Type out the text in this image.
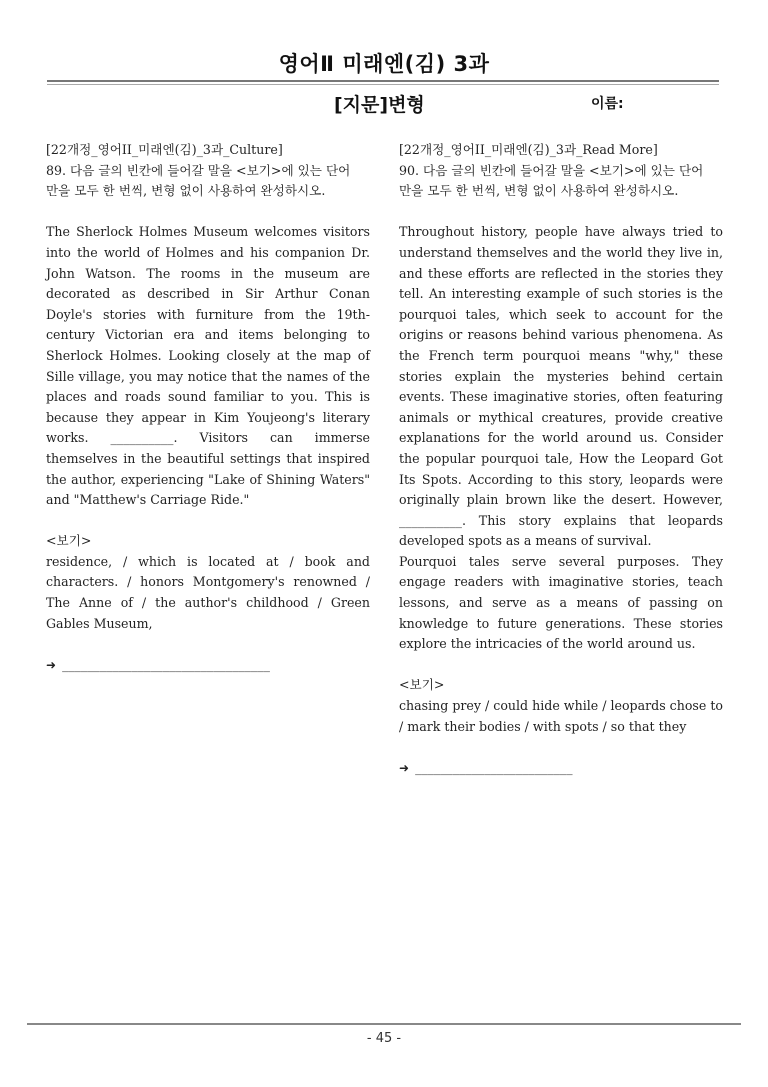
영어Ⅱ 미래엔(김) 3과
[지문]변형	이름:

[22개정_영어II_미래엔(김)_3과_Culture]

89. 다음 글의 빈칸에 들어갈 말을 <보기>에 있는 단어

만을 모두 한 번씩, 변형 없이 사용하여 완성하시오.

The Sherlock Holmes Museum welcomes visitors into the world of Holmes and his companion Dr. John Watson. The rooms in the museum are decorated as described in Sir Arthur Conan Doyle's stories with furniture from the 19th-century Victorian era and items belonging to Sherlock Holmes. Looking closely at the map of Sille village, you may notice that the names of the places and roads sound familiar to you. This is because they appear in Kim Youjeong's literary works. __________. Visitors can immerse themselves in the beautiful settings that inspired the author, experiencing "Lake of Shining Waters" and "Matthew's Carriage Ride."

<보기>

residence, / which is located at / book and characters. / honors Montgomery's renowned / The Anne of / the author's childhood / Green Gables Museum,

➜ _________________________________

[22개정_영어II_미래엔(김)_3과_Read More]

90. 다음 글의 빈칸에 들어갈 말을 <보기>에 있는 단어

만을 모두 한 번씩, 변형 없이 사용하여 완성하시오.

Throughout history, people have always tried to understand themselves and the world they live in, and these efforts are reflected in the stories they tell. An interesting example of such stories is the pourquoi tales, which seek to account for the origins or reasons behind various phenomena. As the French term pourquoi means "why," these stories explain the mysteries behind certain events. These imaginative stories, often featuring animals or mythical creatures, provide creative explanations for the world around us. Consider the popular pourquoi tale, How the Leopard Got Its Spots. According to this story, leopards were originally plain brown like the desert. However, __________. This story explains that leopards developed spots as a means of survival.

Pourquoi tales serve several purposes. They engage readers with imaginative stories, teach lessons, and serve as a means of passing on knowledge to future generations. These stories explore the intricacies of the world around us.

<보기>

chasing prey / could hide while / leopards chose to / mark their bodies / with spots / so that they

➜ _________________________

- 45 -
